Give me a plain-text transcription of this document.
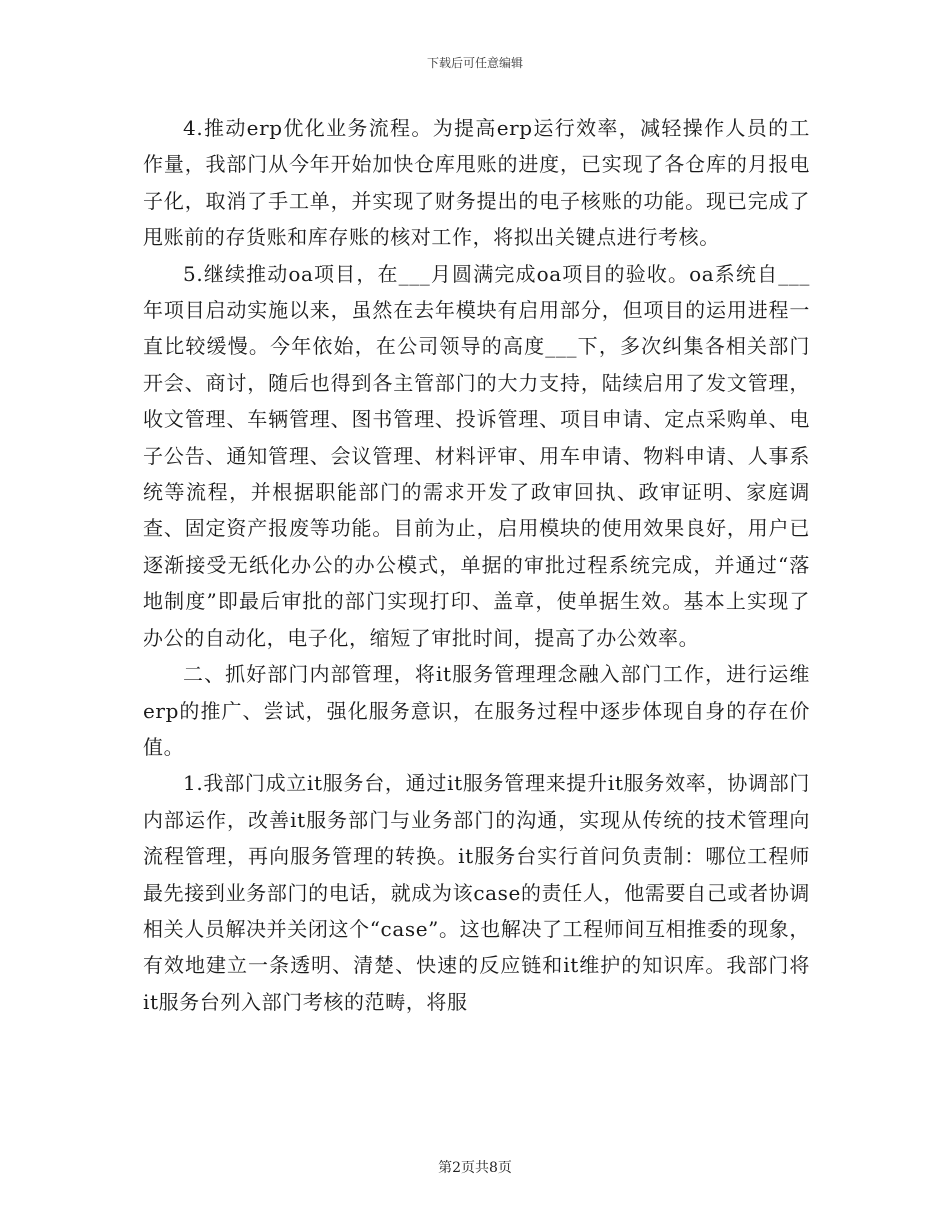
下载后可任意编辑

4.推动erp优化业务流程。为提高erp运行效率，减轻操作人员的工作量，我部门从今年开始加快仓库甩账的进度，已实现了各仓库的月报电子化，取消了手工单，并实现了财务提出的电子核账的功能。现已完成了甩账前的存货账和库存账的核对工作，将拟出关键点进行考核。

5.继续推动oa项目，在___月圆满完成oa项目的验收。oa系统自___年项目启动实施以来，虽然在去年模块有启用部分，但项目的运用进程一直比较缓慢。今年依始，在公司领导的高度___下，多次纠集各相关部门开会、商讨，随后也得到各主管部门的大力支持，陆续启用了发文管理，收文管理、车辆管理、图书管理、投诉管理、项目申请、定点采购单、电子公告、通知管理、会议管理、材料评审、用车申请、物料申请、人事系统等流程，并根据职能部门的需求开发了政审回执、政审证明、家庭调查、固定资产报废等功能。目前为止，启用模块的使用效果良好，用户已逐渐接受无纸化办公的办公模式，单据的审批过程系统完成，并通过“落地制度”即最后审批的部门实现打印、盖章，使单据生效。基本上实现了办公的自动化，电子化，缩短了审批时间，提高了办公效率。

二、抓好部门内部管理，将it服务管理理念融入部门工作，进行运维erp的推广、尝试，强化服务意识，在服务过程中逐步体现自身的存在价值。

1.我部门成立it服务台，通过it服务管理来提升it服务效率，协调部门内部运作，改善it服务部门与业务部门的沟通，实现从传统的技术管理向流程管理，再向服务管理的转换。it服务台实行首问负责制：哪位工程师最先接到业务部门的电话，就成为该case的责任人，他需要自己或者协调相关人员解决并关闭这个“case”。这也解决了工程师间互相推委的现象，有效地建立一条透明、清楚、快速的反应链和it维护的知识库。我部门将it服务台列入部门考核的范畴，将服

第2页共8页
